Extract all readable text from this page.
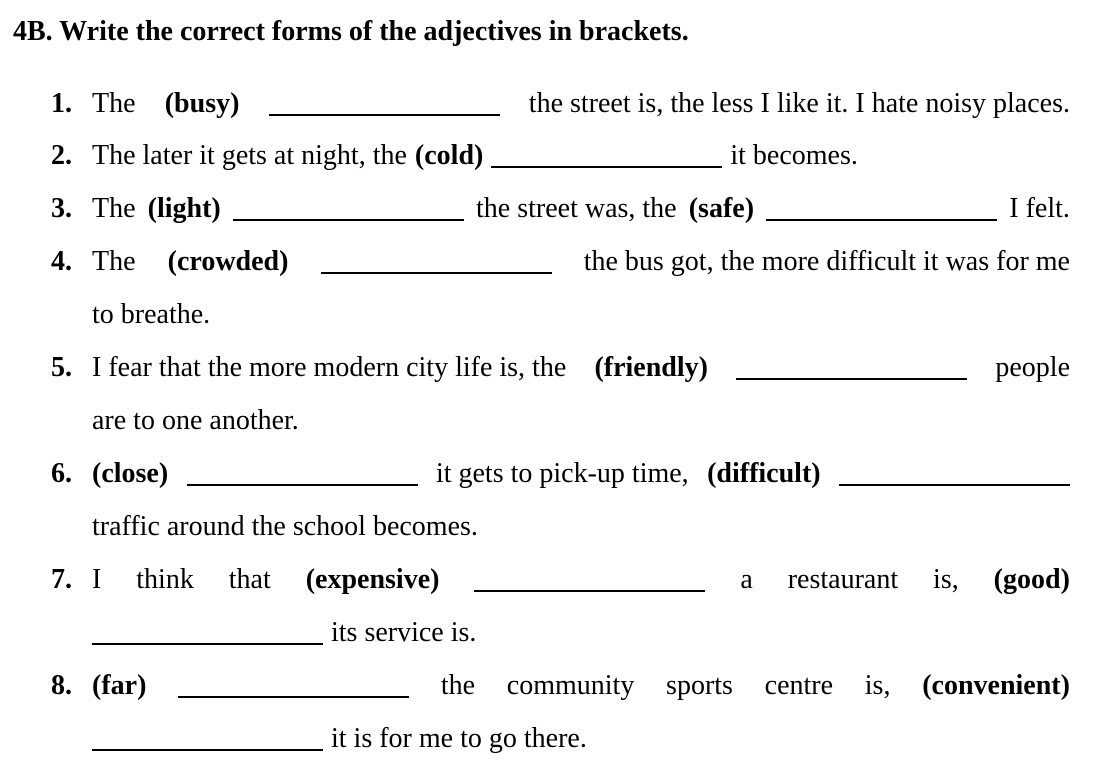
4B. Write the correct forms of the adjectives in brackets.
1. The (busy)	the street is, the less I like it. I hate noisy places.
2. The later it gets at night, the (cold)	it becomes.
3. The (light)	the street was, the (safe)	I felt.
4. The (crowded)	the bus got, the more difficult it was for me
to breathe.
5. I fear that the more modern city life is, the (friendly)	people
are to one another.
6. (close)	it gets to pick-up time, (difficult)
traffic around the school becomes.
7. I think that (expensive)	a restaurant is, (good)
its service is.
8. (far)	the community sports centre is, (convenient)
it is for me to go there.
